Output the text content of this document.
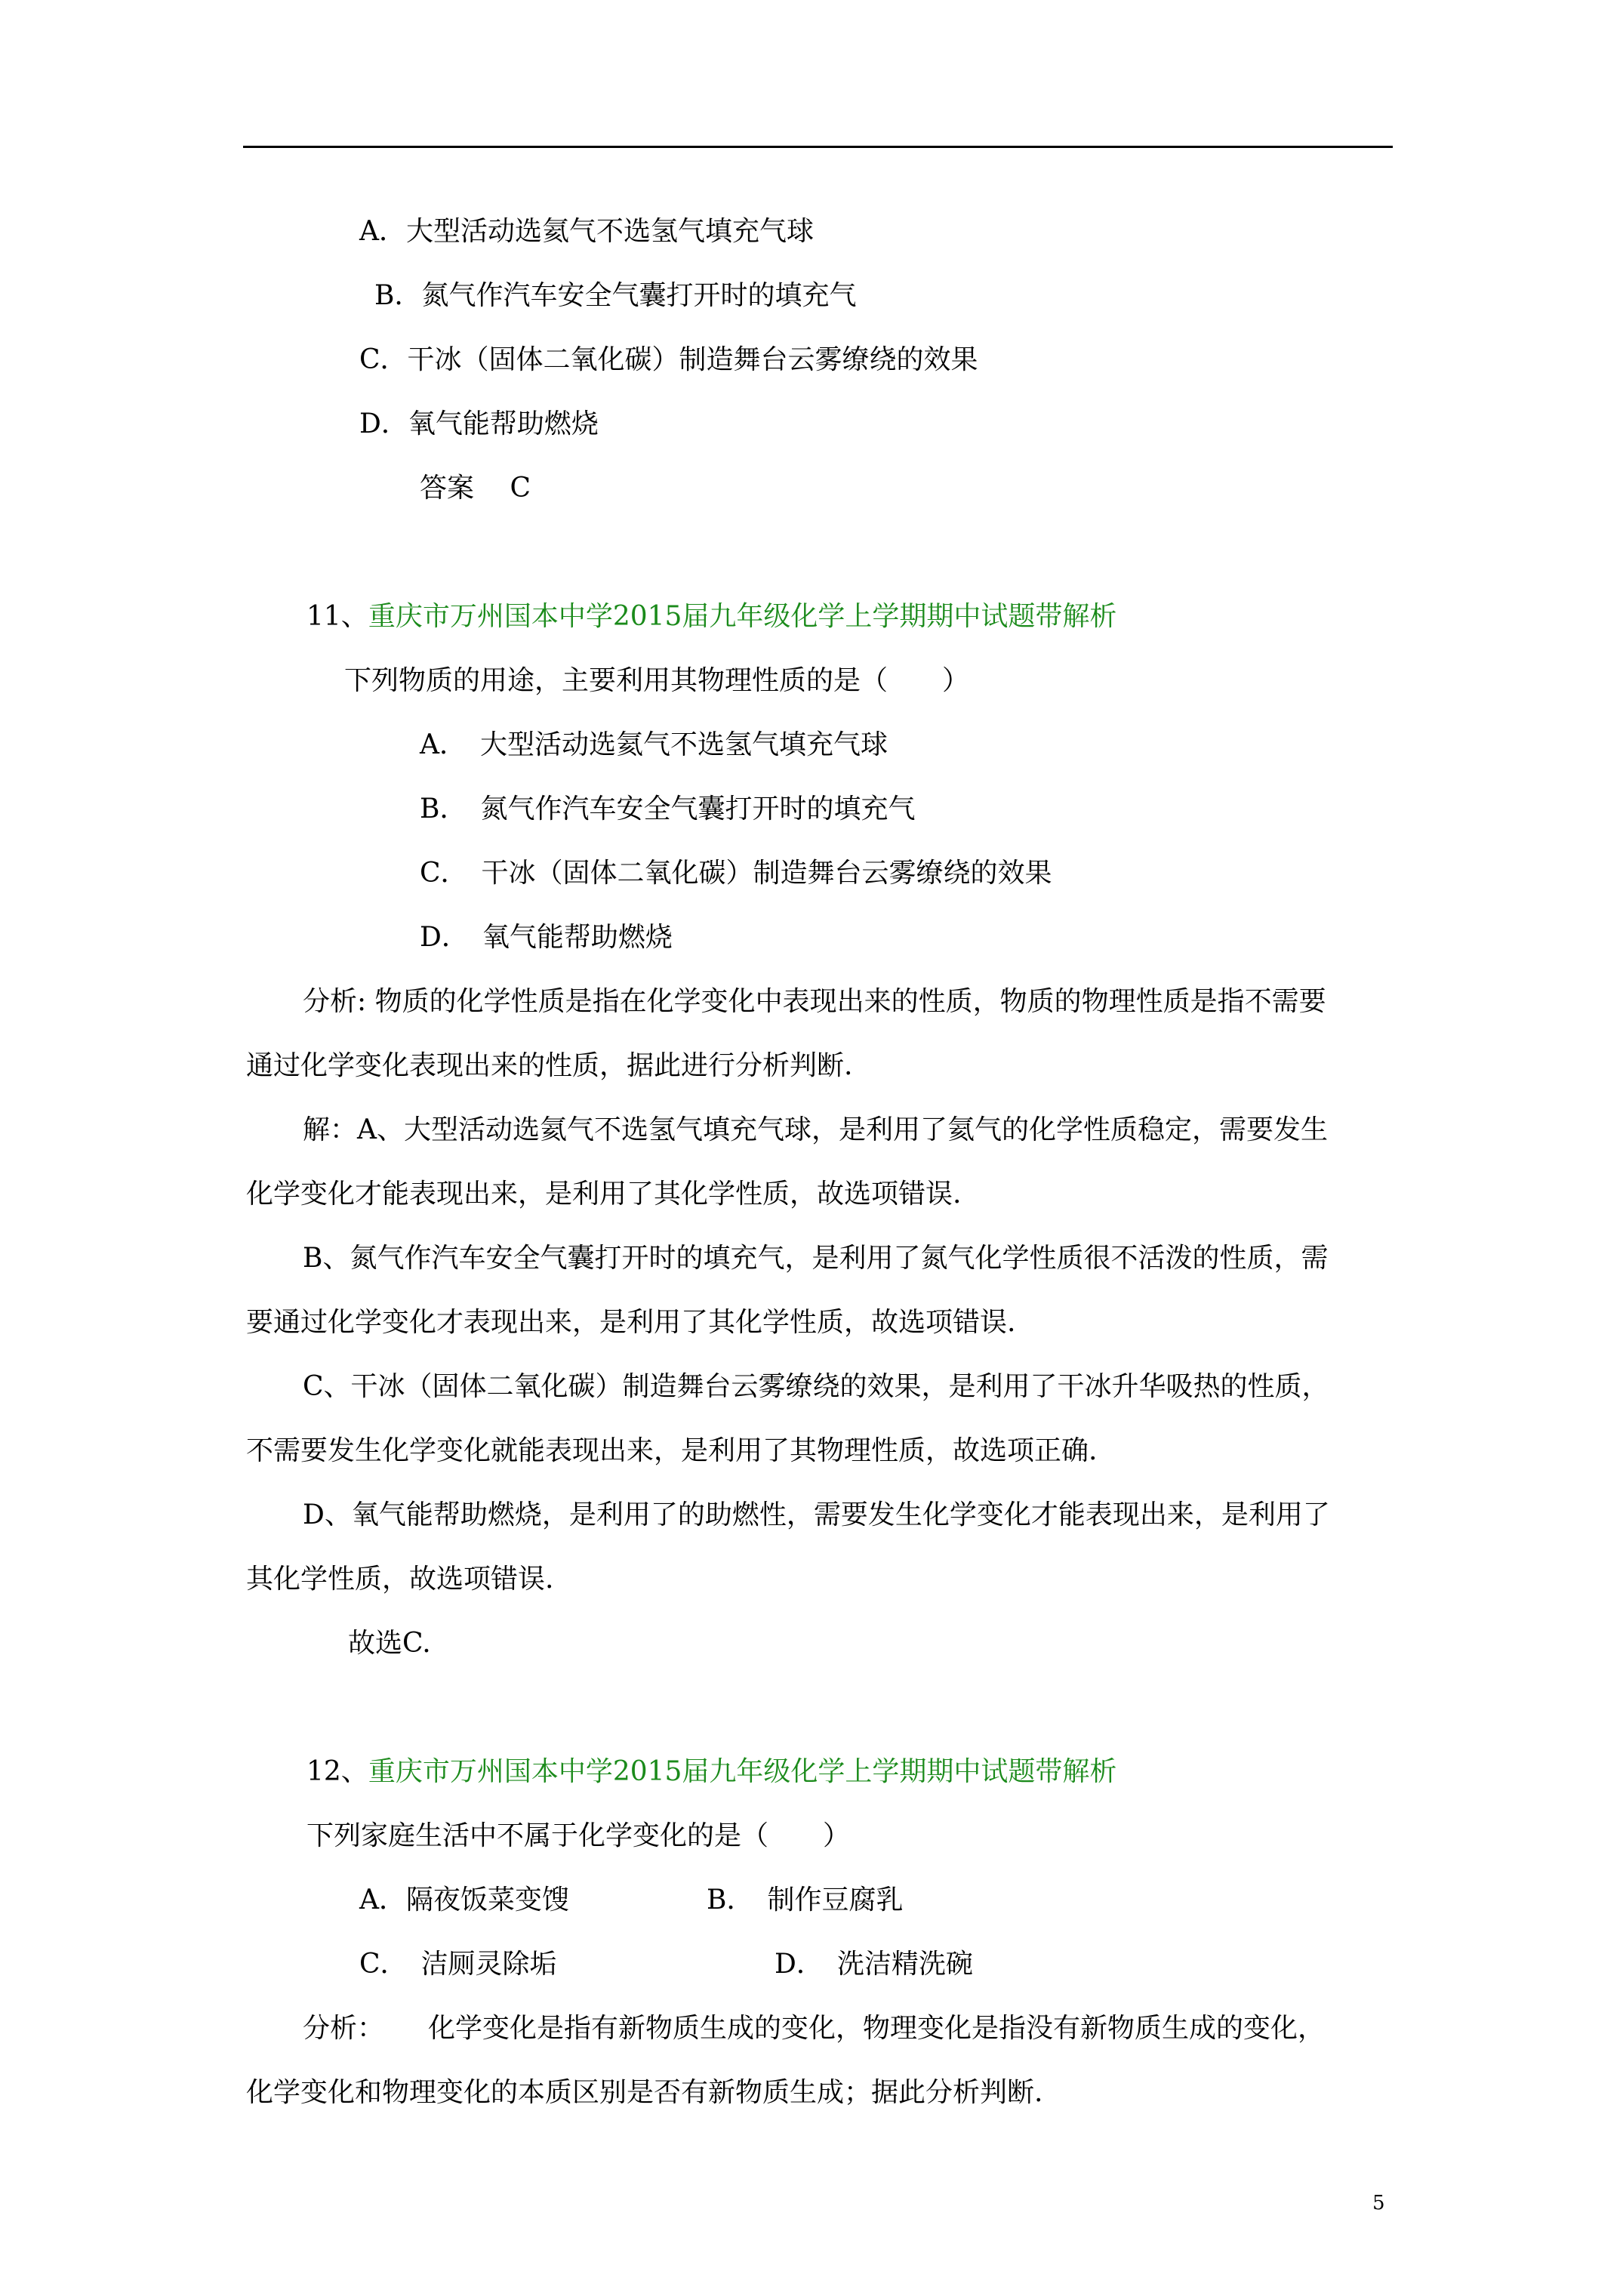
A．大型活动选氦气不选氢气填充气球
B．氮气作汽车安全气囊打开时的填充气
C．干冰（固体二氧化碳）制造舞台云雾缭绕的效果
D．氧气能帮助燃烧
答案　 C
11、重庆市万州国本中学2015届九年级化学上学期期中试题带解析
下列物质的用途，主要利用其物理性质的是（　　）
A．　大型活动选氦气不选氢气填充气球
B．　氮气作汽车安全气囊打开时的填充气
C．　干冰（固体二氧化碳）制造舞台云雾缭绕的效果
D．　氧气能帮助燃烧
分析: 物质的化学性质是指在化学变化中表现出来的性质，物质的物理性质是指不需要
通过化学变化表现出来的性质，据此进行分析判断.
解：A、大型活动选氦气不选氢气填充气球，是利用了氦气的化学性质稳定，需要发生
化学变化才能表现出来，是利用了其化学性质，故选项错误.
B、氮气作汽车安全气囊打开时的填充气，是利用了氮气化学性质很不活泼的性质，需
要通过化学变化才表现出来，是利用了其化学性质，故选项错误.
C、干冰（固体二氧化碳）制造舞台云雾缭绕的效果，是利用了干冰升华吸热的性质，
不需要发生化学变化就能表现出来，是利用了其物理性质，故选项正确.
D、氧气能帮助燃烧，是利用了的助燃性，需要发生化学变化才能表现出来，是利用了
其化学性质，故选项错误.
故选C.
12、重庆市万州国本中学2015届九年级化学上学期期中试题带解析
下列家庭生活中不属于化学变化的是（　　）
A．隔夜饭菜变馊	B．　制作豆腐乳
C．　洁厕灵除垢	D．　洗洁精洗碗
分析： 化学变化是指有新物质生成的变化，物理变化是指没有新物质生成的变化，
化学变化和物理变化的本质区别是否有新物质生成；据此分析判断.
5
